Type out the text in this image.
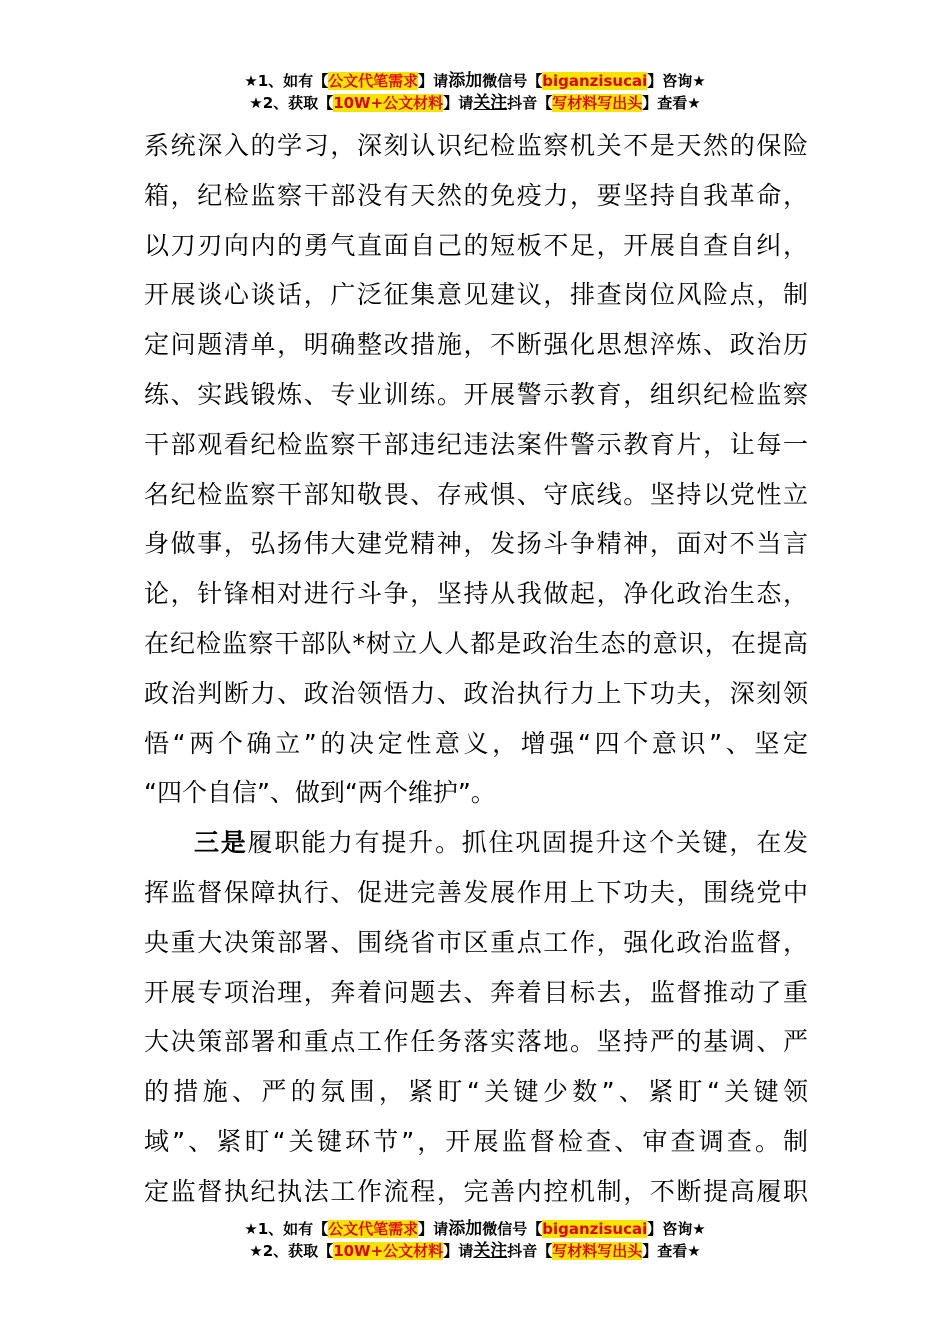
★1、如有【公文代笔需求】请添加微信号【biganzisucai】咨询★
★2、获取【10W+公文材料】请关注抖音【写材料写出头】查看★
系统深入的学习，深刻认识纪检监察机关不是天然的保险
箱，纪检监察干部没有天然的免疫力，要坚持自我革命，
以刀刃向内的勇气直面自己的短板不足，开展自查自纠，
开展谈心谈话，广泛征集意见建议，排查岗位风险点，制
定问题清单，明确整改措施，不断强化思想淬炼、政治历
练、实践锻炼、专业训练。开展警示教育，组织纪检监察
干部观看纪检监察干部违纪违法案件警示教育片，让每一
名纪检监察干部知敬畏、存戒惧、守底线。坚持以党性立
身做事，弘扬伟大建党精神，发扬斗争精神，面对不当言
论，针锋相对进行斗争，坚持从我做起，净化政治生态，
在纪检监察干部队*树立人人都是政治生态的意识，在提高
政治判断力、政治领悟力、政治执行力上下功夫，深刻领
悟“两个确立”的决定性意义，增强“四个意识”、坚定
“四个自信”、做到“两个维护”。
三是履职能力有提升。抓住巩固提升这个关键，在发
挥监督保障执行、促进完善发展作用上下功夫，围绕党中
央重大决策部署、围绕省市区重点工作，强化政治监督，
开展专项治理，奔着问题去、奔着目标去，监督推动了重
大决策部署和重点工作任务落实落地。坚持严的基调、严
的措施、严的氛围，紧盯“关键少数”、紧盯“关键领
域”、紧盯“关键环节”，开展监督检查、审查调查。制
定监督执纪执法工作流程，完善内控机制，不断提高履职
★1、如有【公文代笔需求】请添加微信号【biganzisucai】咨询★
★2、获取【10W+公文材料】请关注抖音【写材料写出头】查看★
